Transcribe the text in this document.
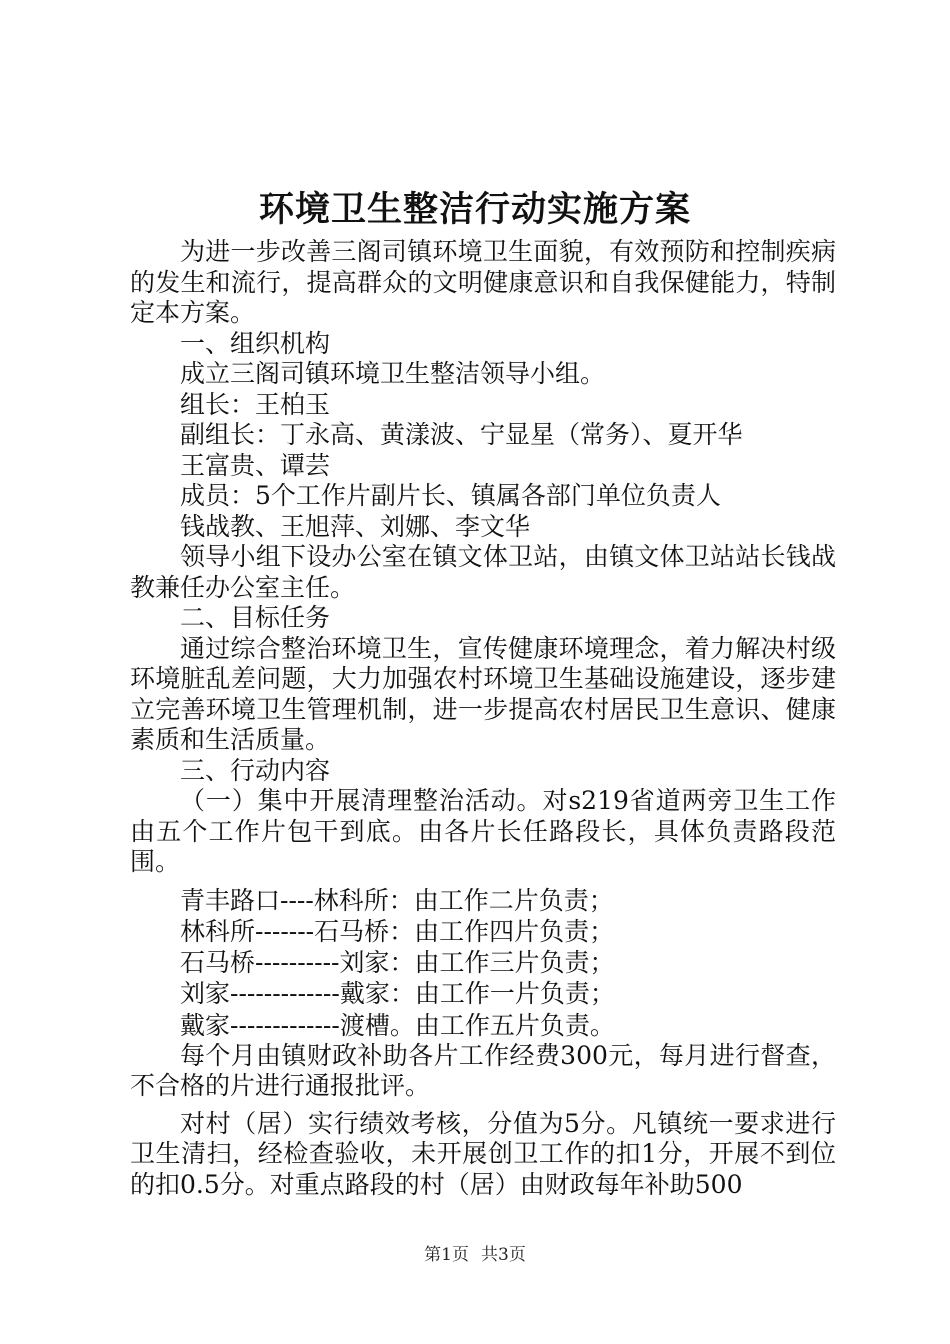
环境卫生整洁行动实施方案

为进一步改善三阁司镇环境卫生面貌，有效预防和控制疾病的发生和流行，提高群众的文明健康意识和自我保健能力，特制定本方案。

一、组织机构

成立三阁司镇环境卫生整洁领导小组。

组长：王柏玉

副组长：丁永高、黄漾波、宁显星（常务）、夏开华

王富贵、谭芸

成员：5个工作片副片长、镇属各部门单位负责人

钱战教、王旭萍、刘娜、李文华

领导小组下设办公室在镇文体卫站，由镇文体卫站站长钱战教兼任办公室主任。

二、目标任务

通过综合整治环境卫生，宣传健康环境理念，着力解决村级环境脏乱差问题，大力加强农村环境卫生基础设施建设，逐步建立完善环境卫生管理机制，进一步提高农村居民卫生意识、健康素质和生活质量。

三、行动内容

（一）集中开展清理整治活动。对s219省道两旁卫生工作由五个工作片包干到底。由各片长任路段长，具体负责路段范围。

青丰路口----林科所：由工作二片负责；

林科所-------石马桥：由工作四片负责；

石马桥----------刘家：由工作三片负责；

刘家-------------戴家：由工作一片负责；

戴家-------------渡槽。由工作五片负责。

每个月由镇财政补助各片工作经费300元，每月进行督查，不合格的片进行通报批评。

对村（居）实行绩效考核，分值为5分。凡镇统一要求进行卫生清扫，经检查验收，未开展创卫工作的扣1分，开展不到位的扣0.5分。对重点路段的村（居）由财政每年补助500

第1页 共3页
